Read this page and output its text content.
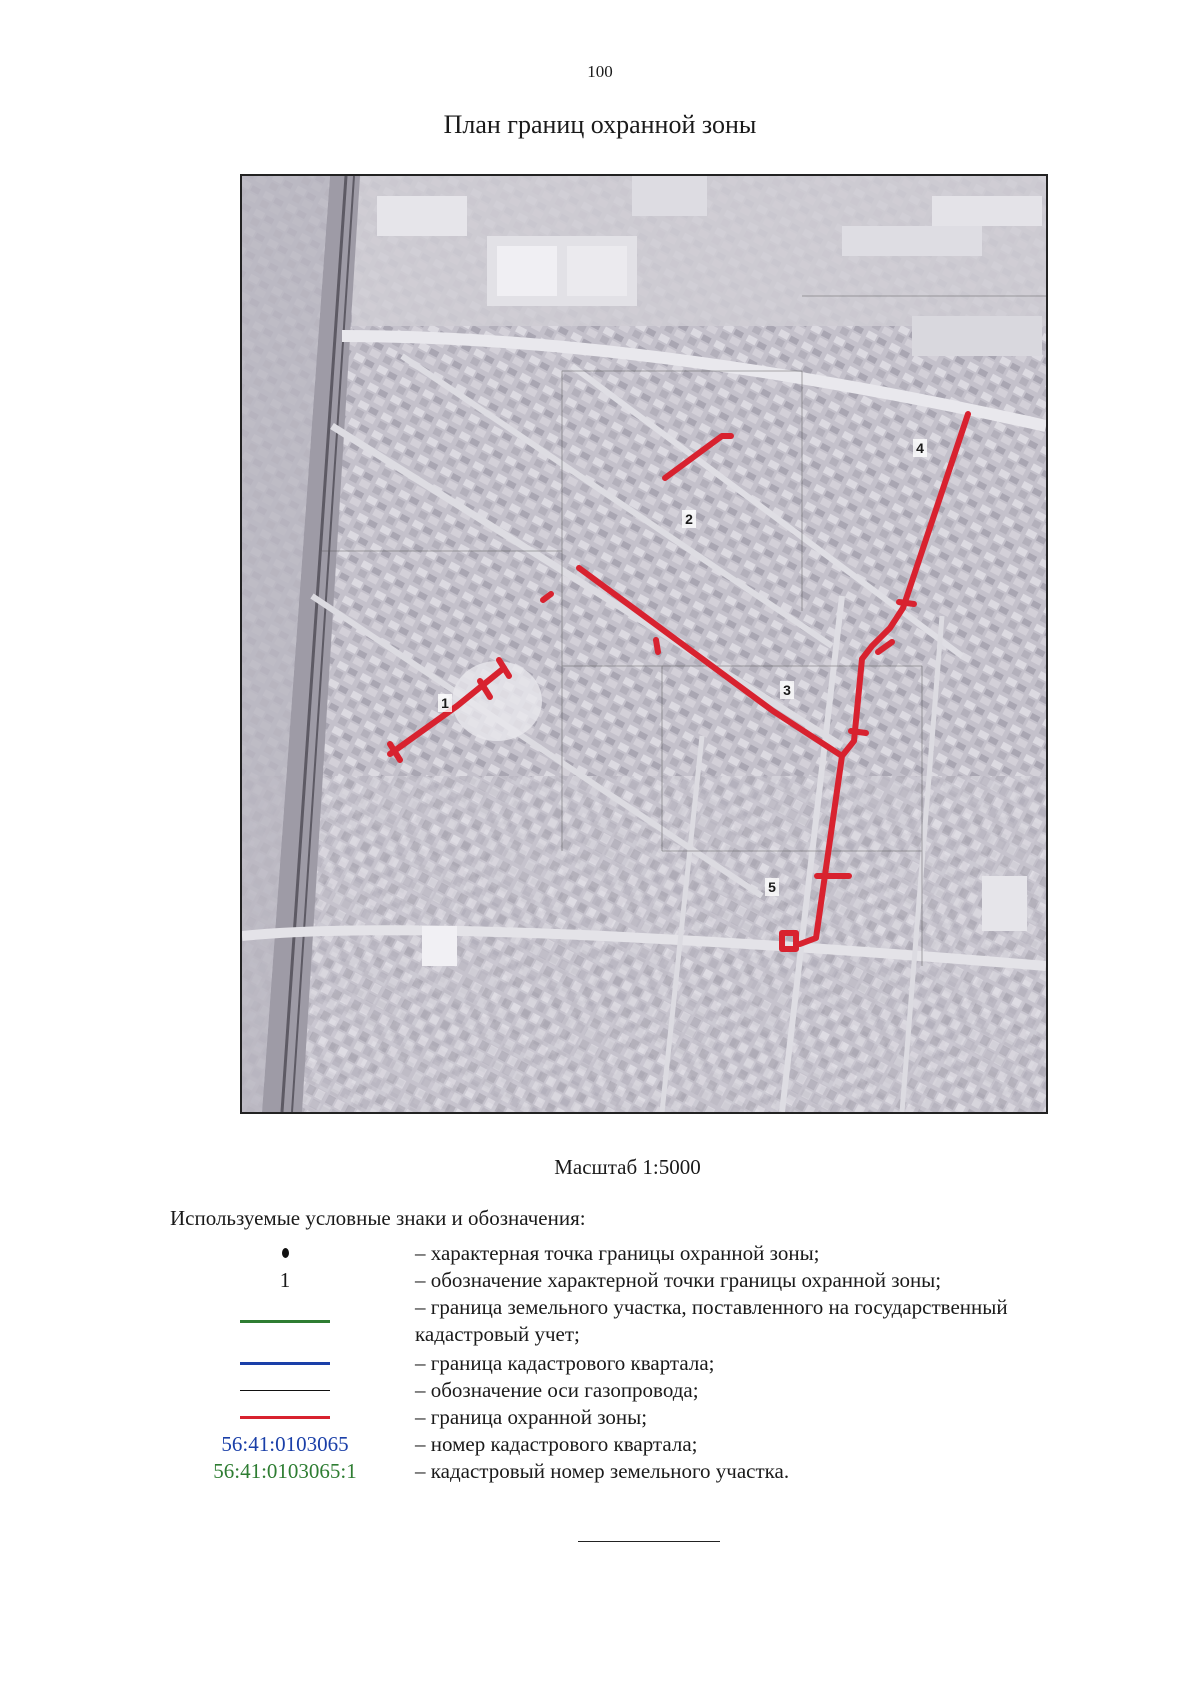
100
План границ охранной зоны
1
2
3
4
5
Масштаб 1:5000
Используемые условные знаки и обозначения:
– характерная точка границы охранной зоны;
1	– обозначение характерной точки границы охранной зоны;
– граница земельного участка, поставленного на государственный кадастровый учет;
– граница кадастрового квартала;
– обозначение оси газопровода;
– граница охранной зоны;
56:41:0103065	– номер кадастрового квартала;
56:41:0103065:1	– кадастровый номер земельного участка.
